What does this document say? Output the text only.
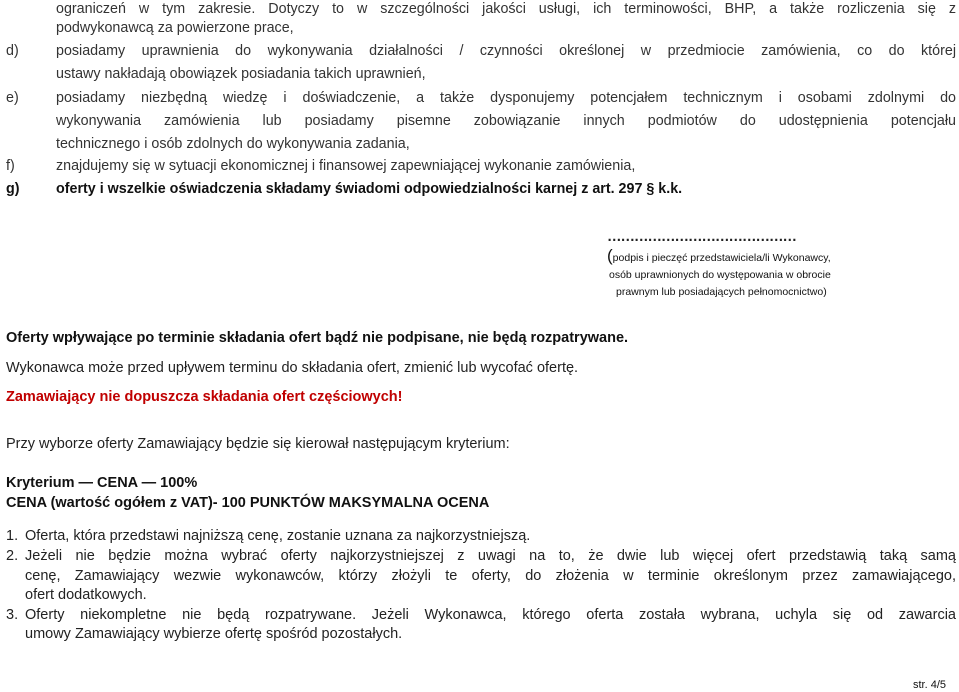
ograniczeń w tym zakresie. Dotyczy to w szczególności jakości usługi, ich terminowości, BHP, a także rozliczenia się z
podwykonawcą za powierzone prace,
d)	posiadamy uprawnienia do wykonywania działalności / czynności określonej w przedmiocie zamówienia, co do której
ustawy nakładają obowiązek posiadania takich uprawnień,
e)	posiadamy niezbędną wiedzę i doświadczenie, a także dysponujemy potencjałem technicznym i osobami zdolnymi do
wykonywania zamówienia lub posiadamy pisemne zobowiązanie innych podmiotów do udostępnienia potencjału
technicznego i osób zdolnych do wykonywania zadania,
f)	znajdujemy się w sytuacji ekonomicznej i finansowej zapewniającej wykonanie zamówienia,
g)	oferty i wszelkie oświadczenia składamy świadomi odpowiedzialności karnej z art. 297 § k.k.
……………………………………
(podpis i pieczęć przedstawiciela/li Wykonawcy,
osób uprawnionych do występowania w obrocie
prawnym lub posiadających pełnomocnictwo)
Oferty wpływające po terminie składania ofert bądź nie podpisane, nie będą rozpatrywane.
Wykonawca może przed upływem terminu do składania ofert, zmienić lub wycofać ofertę.
Zamawiający nie dopuszcza składania ofert częściowych!
Przy wyborze oferty Zamawiający będzie się kierował następującym kryterium:
Kryterium — CENA — 100%
CENA (wartość ogółem z VAT)- 100 PUNKTÓW MAKSYMALNA OCENA
1. Oferta, która przedstawi najniższą cenę, zostanie uznana za najkorzystniejszą.
2. Jeżeli nie będzie można wybrać oferty najkorzystniejszej z uwagi na to, że dwie lub więcej ofert przedstawią taką samą
cenę, Zamawiający wezwie wykonawców, którzy złożyli te oferty, do złożenia w terminie określonym przez zamawiającego,
ofert dodatkowych.
3. Oferty niekompletne nie będą rozpatrywane. Jeżeli Wykonawca, którego oferta została wybrana, uchyla się od zawarcia
umowy Zamawiający wybierze ofertę spośród pozostałych.
str. 4/5
